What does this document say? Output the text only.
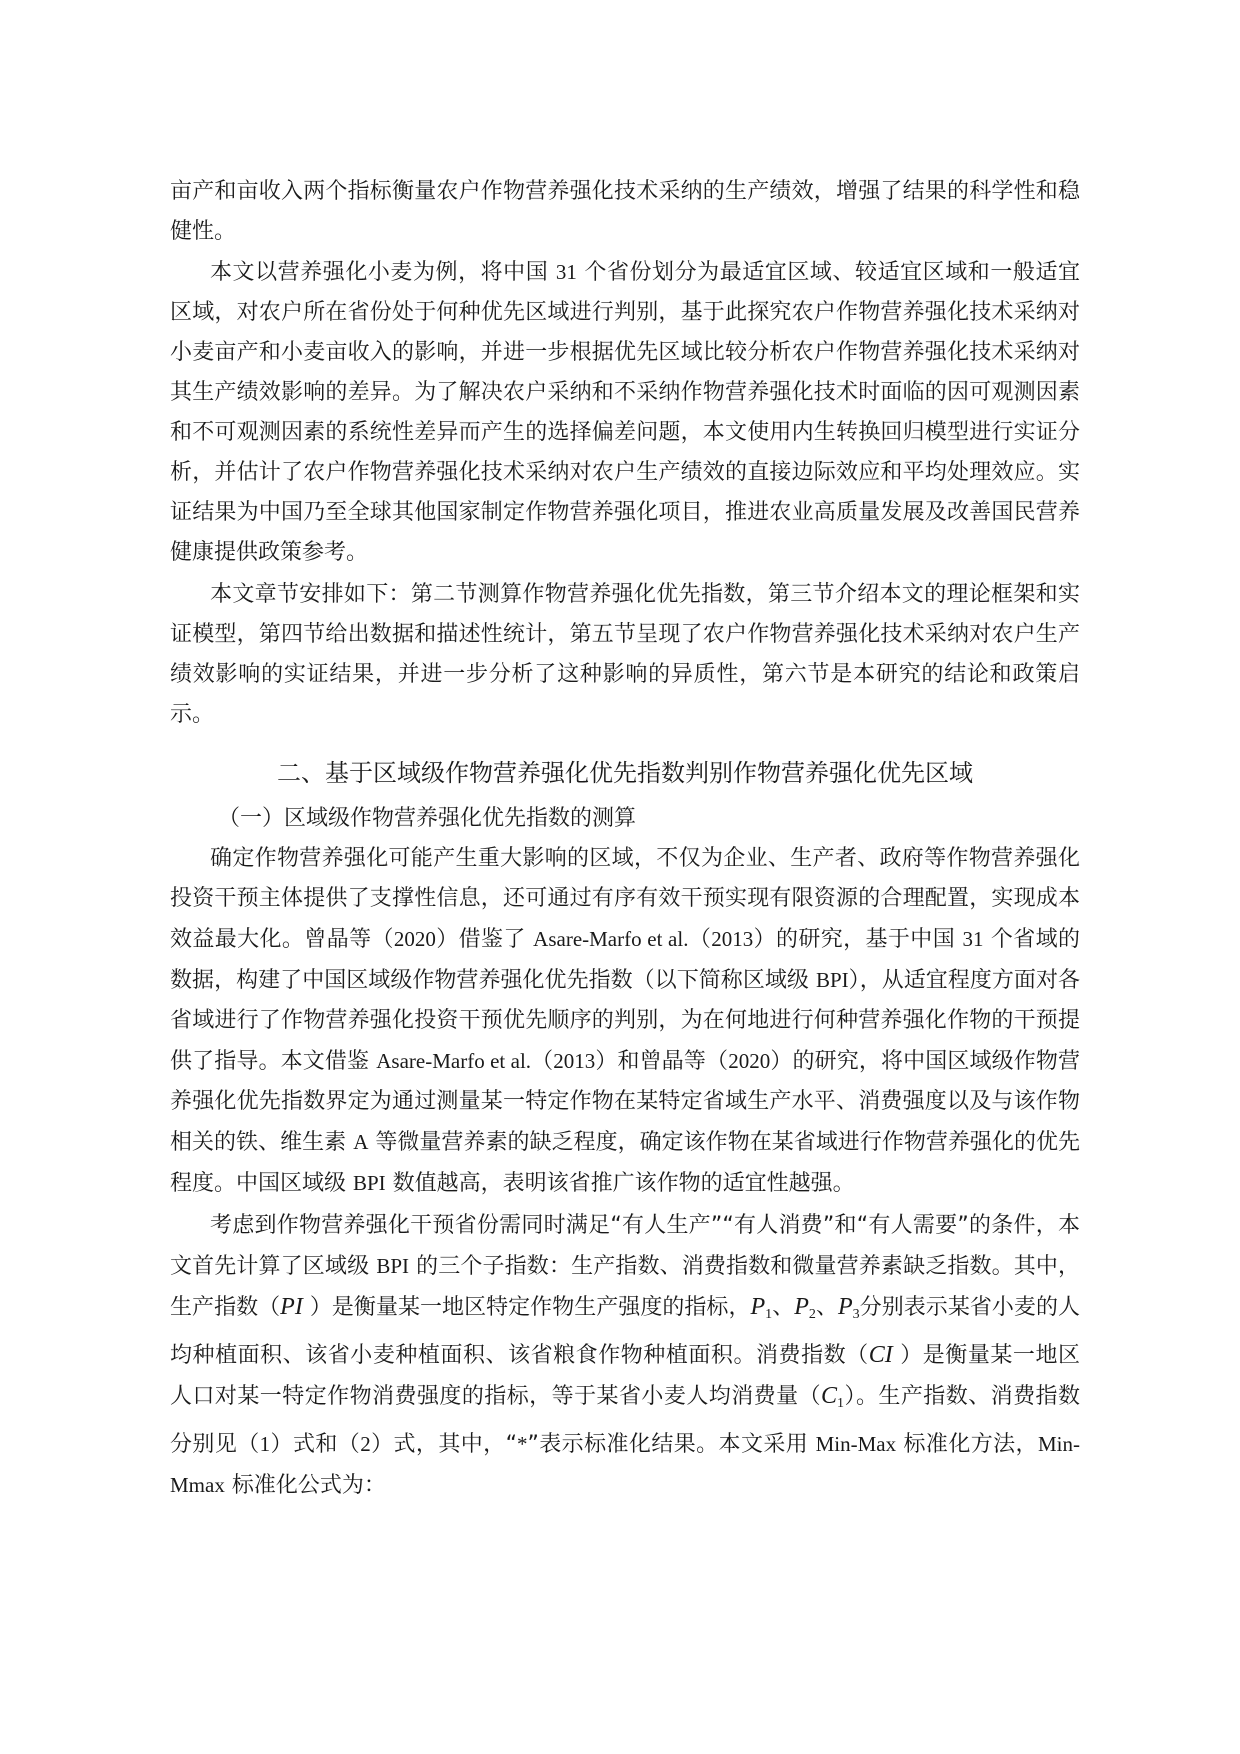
亩产和亩收入两个指标衡量农户作物营养强化技术采纳的生产绩效，增强了结果的科学性和稳健性。

本文以营养强化小麦为例，将中国 31 个省份划分为最适宜区域、较适宜区域和一般适宜区域，对农户所在省份处于何种优先区域进行判别，基于此探究农户作物营养强化技术采纳对小麦亩产和小麦亩收入的影响，并进一步根据优先区域比较分析农户作物营养强化技术采纳对其生产绩效影响的差异。为了解决农户采纳和不采纳作物营养强化技术时面临的因可观测因素和不可观测因素的系统性差异而产生的选择偏差问题，本文使用内生转换回归模型进行实证分析，并估计了农户作物营养强化技术采纳对农户生产绩效的直接边际效应和平均处理效应。实证结果为中国乃至全球其他国家制定作物营养强化项目，推进农业高质量发展及改善国民营养健康提供政策参考。

本文章节安排如下：第二节测算作物营养强化优先指数，第三节介绍本文的理论框架和实证模型，第四节给出数据和描述性统计，第五节呈现了农户作物营养强化技术采纳对农户生产绩效影响的实证结果，并进一步分析了这种影响的异质性，第六节是本研究的结论和政策启示。

二、基于区域级作物营养强化优先指数判别作物营养强化优先区域

（一）区域级作物营养强化优先指数的测算

确定作物营养强化可能产生重大影响的区域，不仅为企业、生产者、政府等作物营养强化投资干预主体提供了支撑性信息，还可通过有序有效干预实现有限资源的合理配置，实现成本效益最大化。曾晶等（2020）借鉴了 Asare-Marfo et al.（2013）的研究，基于中国 31 个省域的数据，构建了中国区域级作物营养强化优先指数（以下简称区域级 BPI），从适宜程度方面对各省域进行了作物营养强化投资干预优先顺序的判别，为在何地进行何种营养强化作物的干预提供了指导。本文借鉴 Asare-Marfo et al.（2013）和曾晶等（2020）的研究，将中国区域级作物营养强化优先指数界定为通过测量某一特定作物在某特定省域生产水平、消费强度以及与该作物相关的铁、维生素 A 等微量营养素的缺乏程度，确定该作物在某省域进行作物营养强化的优先程度。中国区域级 BPI 数值越高，表明该省推广该作物的适宜性越强。

考虑到作物营养强化干预省份需同时满足“有人生产”“有人消费”和“有人需要”的条件，本文首先计算了区域级 BPI 的三个子指数：生产指数、消费指数和微量营养素缺乏指数。其中，生产指数（PI ）是衡量某一地区特定作物生产强度的指标，$P_1$、$P_2$、$P_3$分别表示某省小麦的人均种植面积、该省小麦种植面积、该省粮食作物种植面积。消费指数（CI ）是衡量某一地区人口对某一特定作物消费强度的指标，等于某省小麦人均消费量$(C_1)$。生产指数、消费指数分别见（1）式和（2）式，其中，“*”表示标准化结果。本文采用 Min-Max 标准化方法，Min-Mmax 标准化公式为：
